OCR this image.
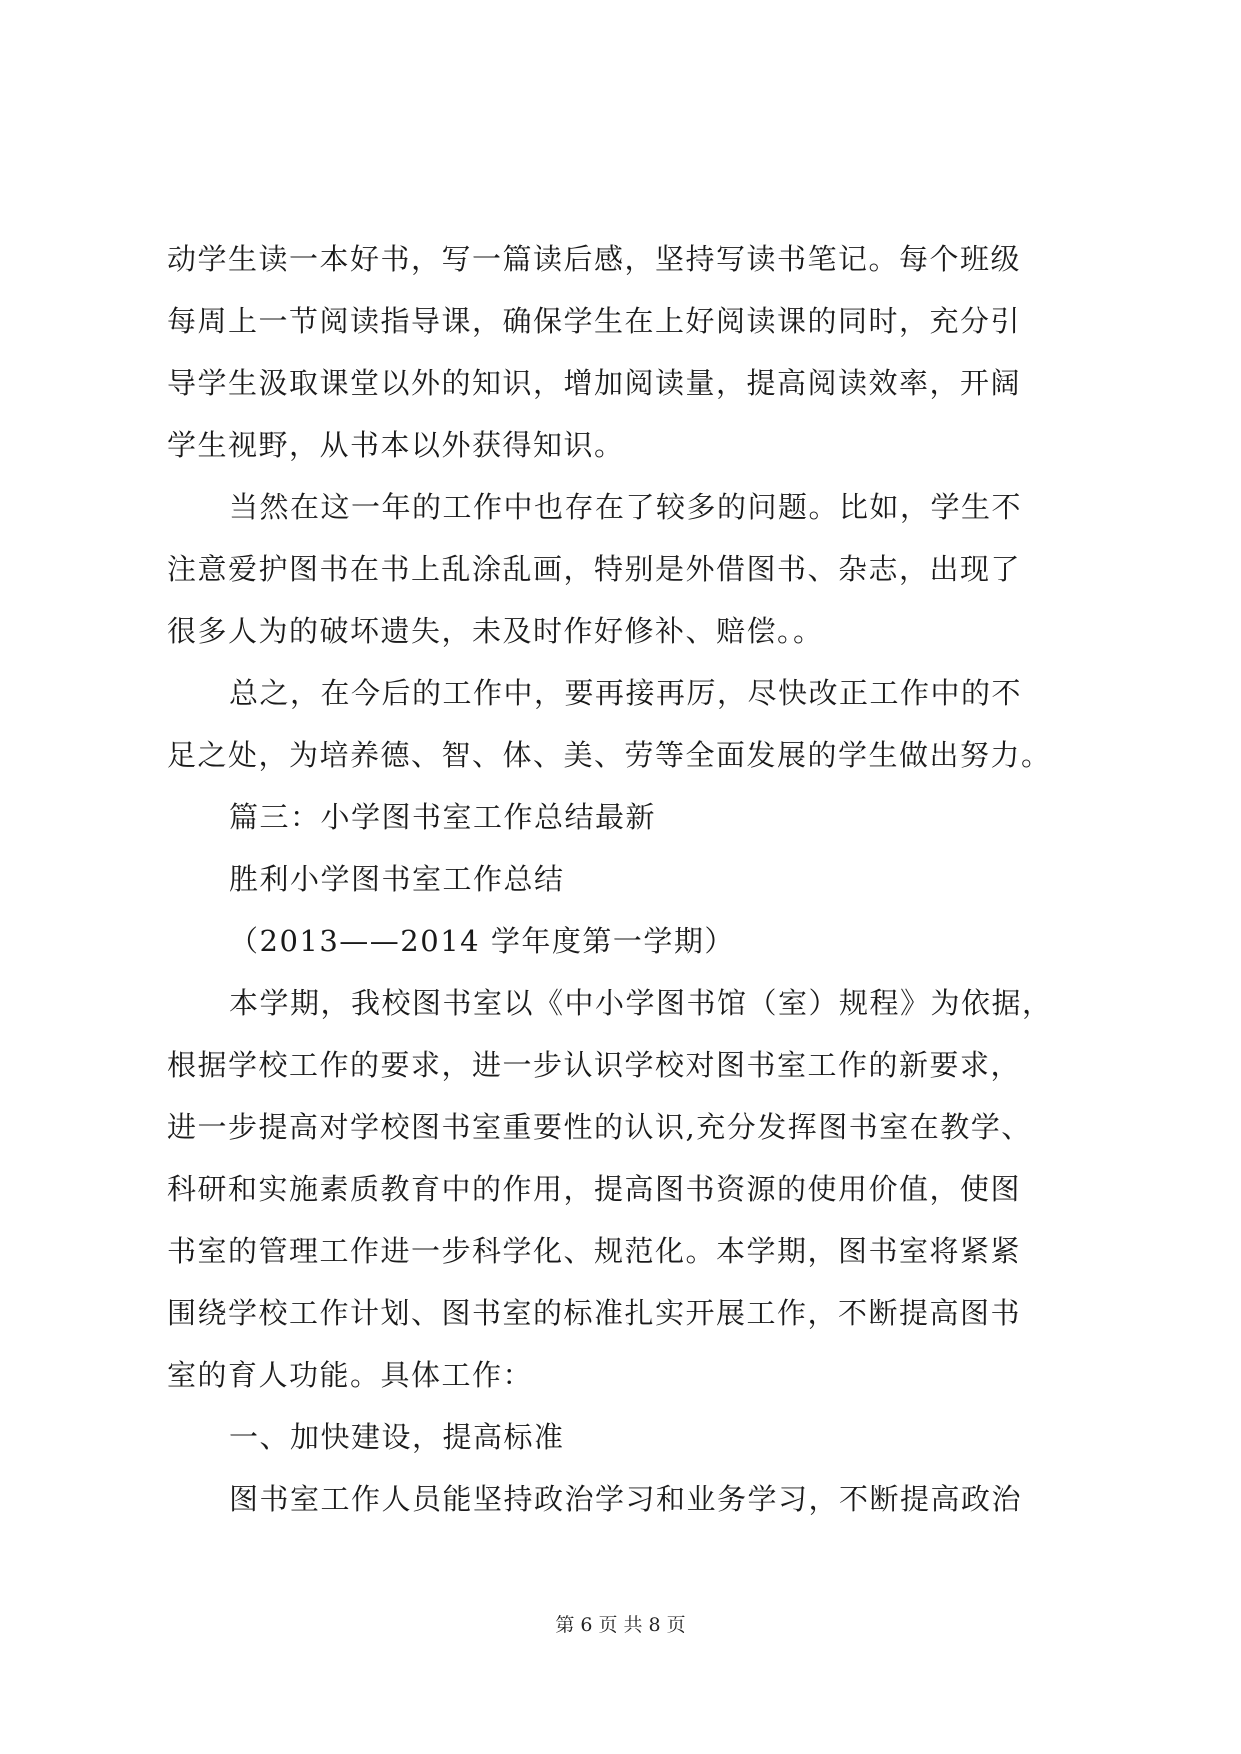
动学生读一本好书，写一篇读后感，坚持写读书笔记。每个班级
每周上一节阅读指导课，确保学生在上好阅读课的同时，充分引
导学生汲取课堂以外的知识，增加阅读量，提高阅读效率，开阔
学生视野，从书本以外获得知识。
当然在这一年的工作中也存在了较多的问题。比如，学生不
注意爱护图书在书上乱涂乱画，特别是外借图书、杂志，出现了
很多人为的破坏遗失，未及时作好修补、赔偿。。
总之，在今后的工作中，要再接再厉，尽快改正工作中的不
足之处，为培养德、智、体、美、劳等全面发展的学生做出努力。
篇三：小学图书室工作总结最新
胜利小学图书室工作总结
（2013——2014 学年度第一学期）
本学期，我校图书室以《中小学图书馆（室）规程》为依据，
根据学校工作的要求，进一步认识学校对图书室工作的新要求，
进一步提高对学校图书室重要性的认识,充分发挥图书室在教学、
科研和实施素质教育中的作用，提高图书资源的使用价值，使图
书室的管理工作进一步科学化、规范化。本学期，图书室将紧紧
围绕学校工作计划、图书室的标准扎实开展工作，不断提高图书
室的育人功能。具体工作：
一、加快建设，提高标准
图书室工作人员能坚持政治学习和业务学习，不断提高政治
第 6 页 共 8 页
